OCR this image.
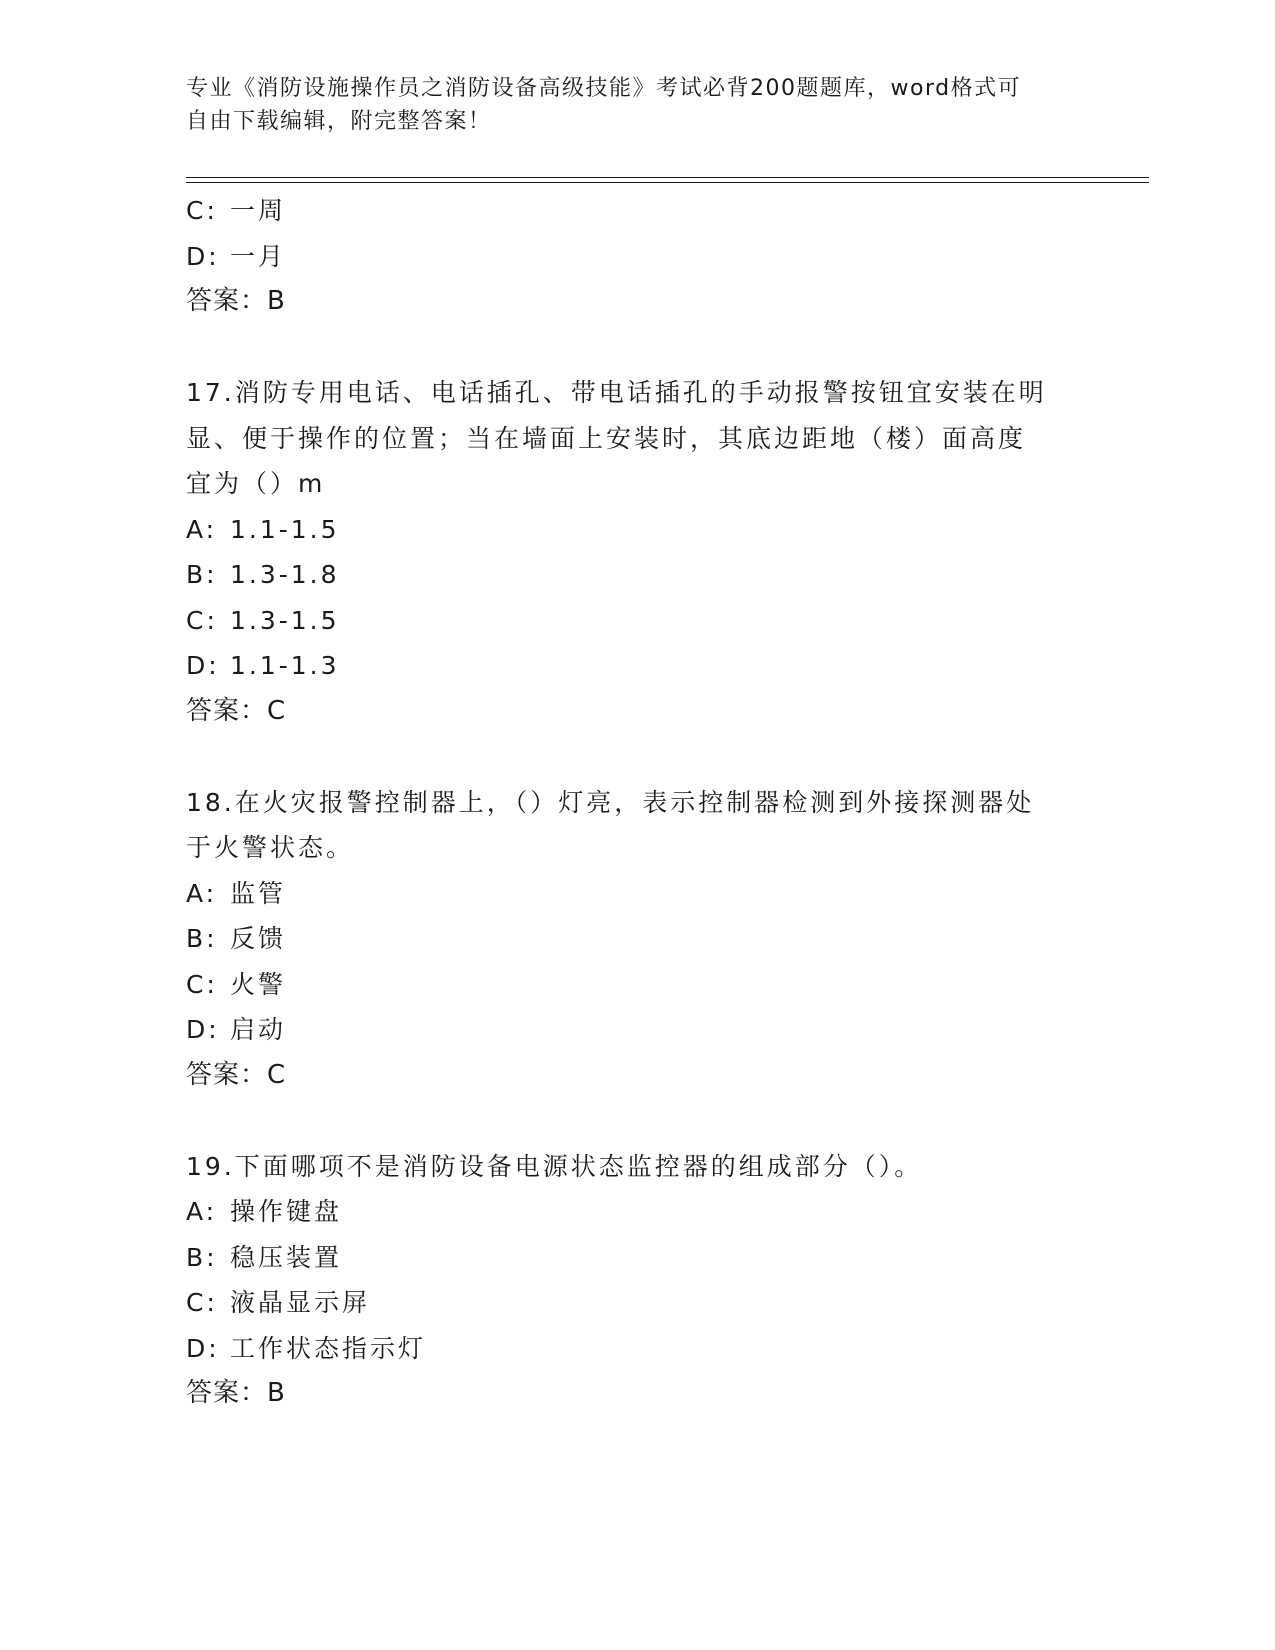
专业《消防设施操作员之消防设备高级技能》考试必背200题题库，word格式可
自由下载编辑，附完整答案！
C: 一周
D: 一月
答案：B
17.消防专用电话、电话插孔、带电话插孔的手动报警按钮宜安装在明
显、便于操作的位置；当在墙面上安装时，其底边距地（楼）面高度
宜为（）m
A: 1.1-1.5
B: 1.3-1.8
C: 1.3-1.5
D: 1.1-1.3
答案：C
18.在火灾报警控制器上，（）灯亮，表示控制器检测到外接探测器处
于火警状态。
A: 监管
B: 反馈
C: 火警
D: 启动
答案：C
19.下面哪项不是消防设备电源状态监控器的组成部分（）。
A: 操作键盘
B: 稳压装置
C: 液晶显示屏
D: 工作状态指示灯
答案：B
